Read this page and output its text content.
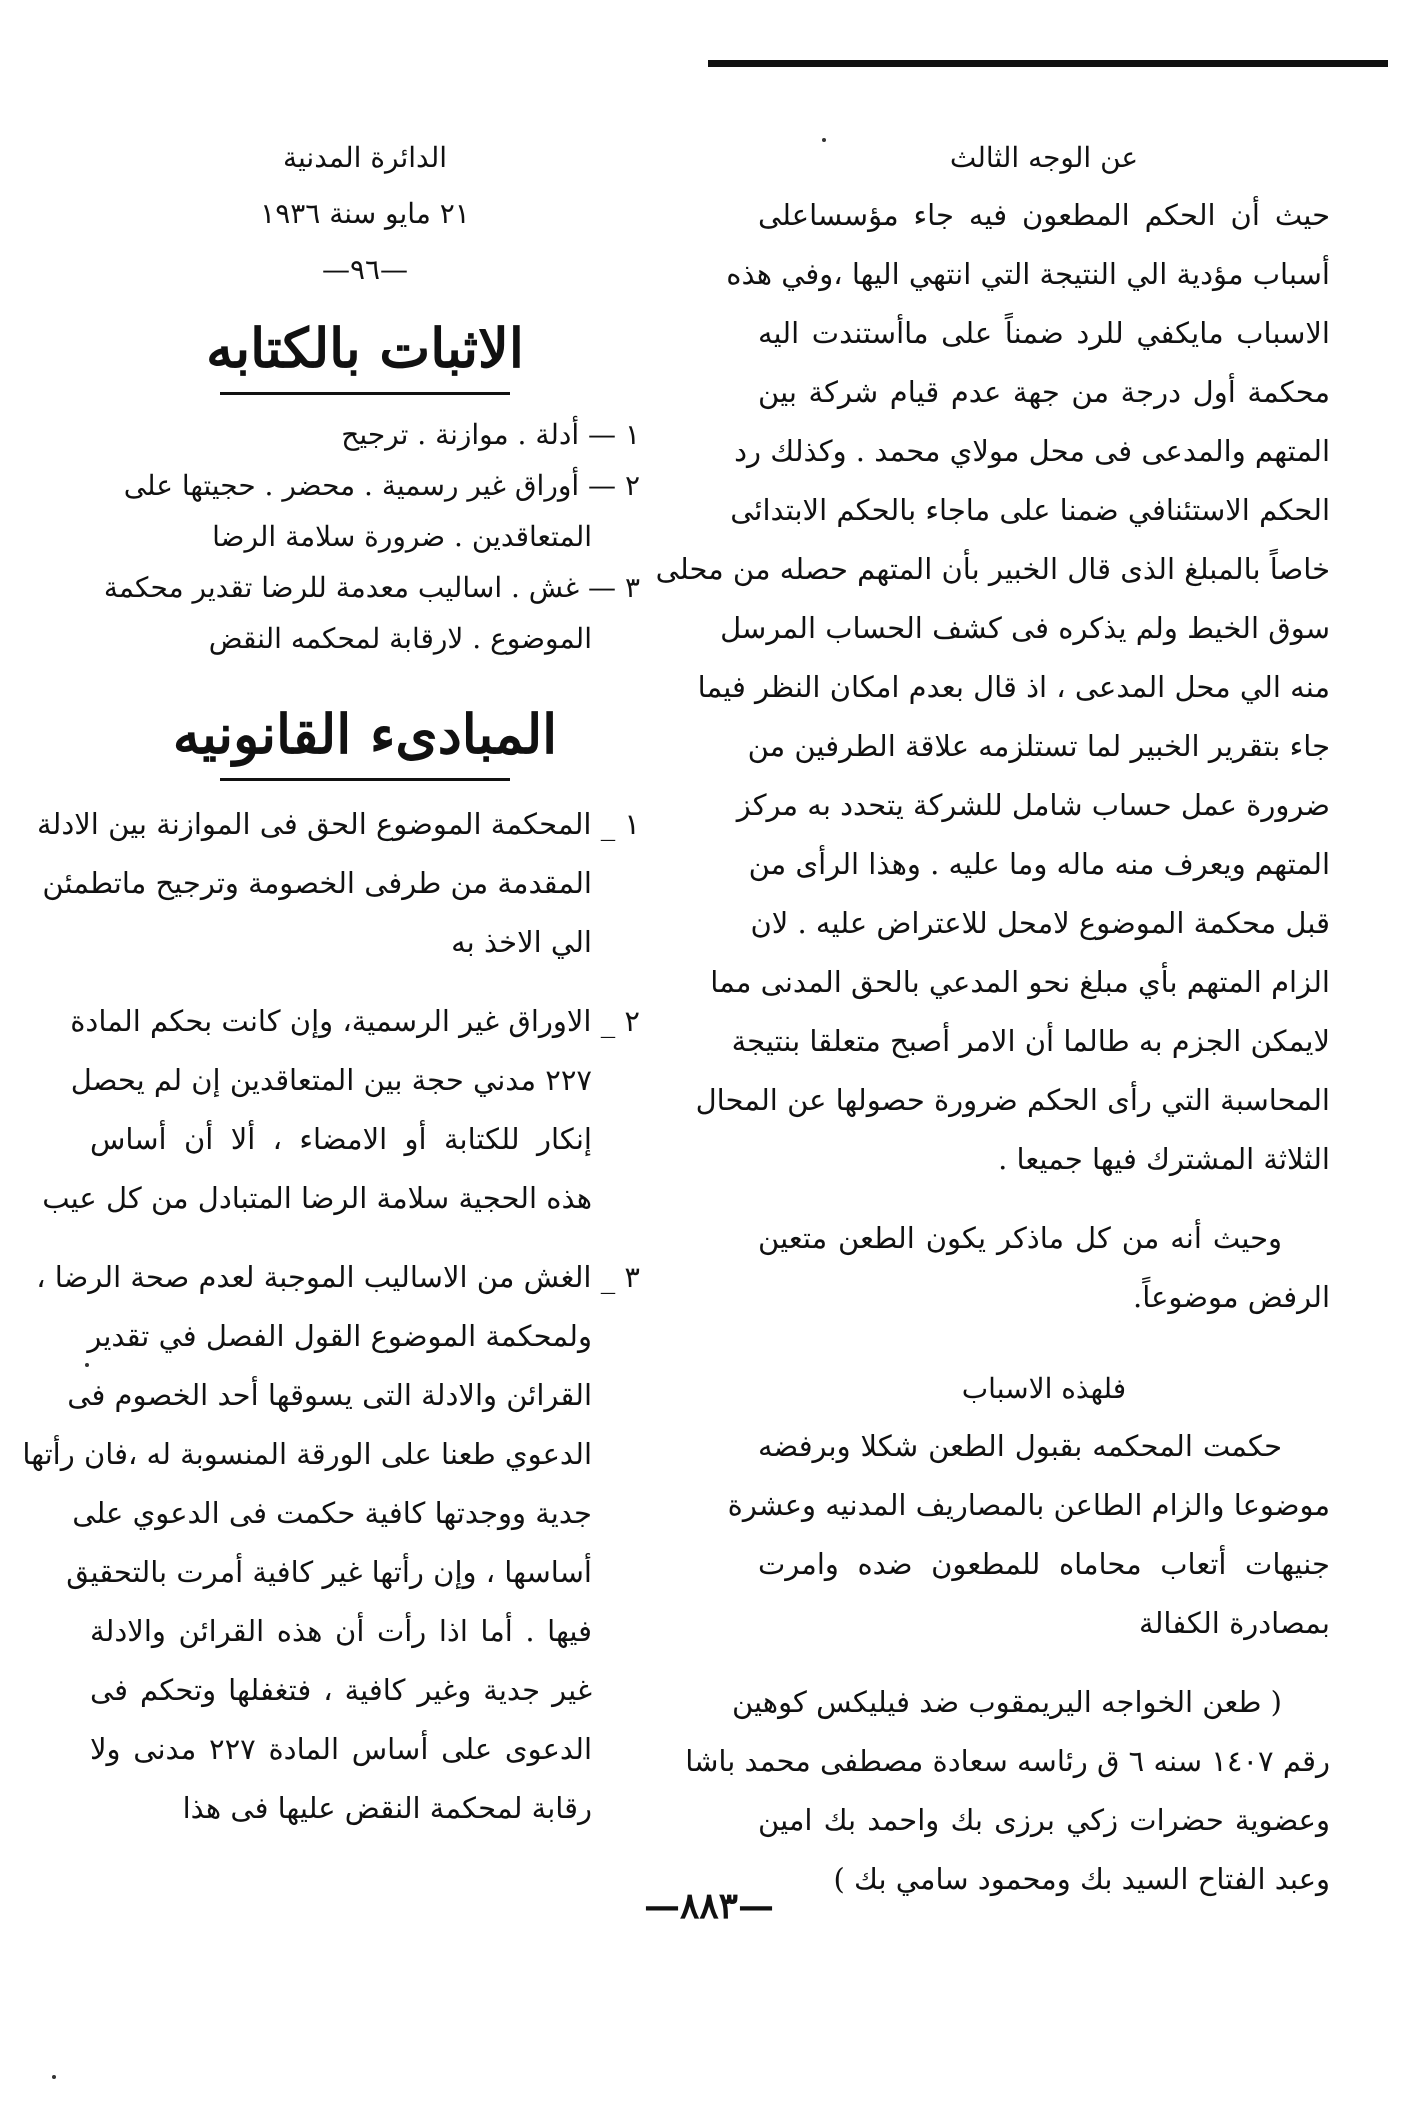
عن الوجه الثالث
حيث أن الحكم المطعون فيه جاء مؤسساعلى
أسباب مؤدية الي النتيجة التي انتهي اليها ،وفي هذه
الاسباب مايكفي للرد ضمناً على ماأستندت اليه
محكمة أول درجة من جهة عدم قيام شركة بين
المتهم والمدعى فى محل مولاي محمد . وكذلك رد
الحكم الاستئنافي ضمنا على ماجاء بالحكم الابتدائى
خاصاً بالمبلغ الذى قال الخبير بأن المتهم حصله من محلى
سوق الخيط ولم يذكره فى كشف الحساب المرسل
منه الي محل المدعى ، اذ قال بعدم امكان النظر فيما
جاء بتقرير الخبير لما تستلزمه علاقة الطرفين من
ضرورة عمل حساب شامل للشركة يتحدد به مركز
المتهم ويعرف منه ماله وما عليه . وهذا الرأى من
قبل محكمة الموضوع لامحل للاعتراض عليه . لان
الزام المتهم بأي مبلغ نحو المدعي بالحق المدنى مما
لايمكن الجزم به طالما أن الامر أصبح متعلقا بنتيجة
المحاسبة التي رأى الحكم ضرورة حصولها عن المحال
الثلاثة المشترك فيها جميعا .
وحيث أنه من كل ماذكر يكون الطعن متعين
الرفض موضوعاً.
فلهذه الاسباب
حكمت المحكمه بقبول الطعن شكلا وبرفضه
موضوعا والزام الطاعن بالمصاريف المدنيه وعشرة
جنيهات أتعاب محاماه للمطعون ضده وامرت
بمصادرة الكفالة
( طعن الخواجه اليريمقوب ضد فيليكس كوهين
رقم ١٤٠٧ سنه ٦ ق رئاسه سعادة مصطفى محمد باشا
وعضوية حضرات زكي برزى بك واحمد بك امين
وعبد الفتاح السيد بك ومحمود سامي بك )
الدائرة المدنية
٢١ مايو سنة ١٩٣٦
—٩٦—
الاثبات بالكتابه
١ — أدلة . موازنة . ترجيح
٢ — أوراق غير رسمية . محضر . حجيتها على
المتعاقدين . ضرورة سلامة الرضا
٣ — غش . اساليب معدمة للرضا تقدير محكمة
الموضوع . لارقابة لمحكمه النقض
المبادىء القانونيه
١ _ المحكمة الموضوع الحق فى الموازنة بين الادلة
المقدمة من طرفى الخصومة وترجيح ماتطمئن
الي الاخذ به
٢ _ الاوراق غير الرسمية، وإن كانت بحكم المادة
٢٢٧ مدني حجة بين المتعاقدين إن لم يحصل
إنكار للكتابة أو الامضاء ، ألا أن أساس
هذه الحجية سلامة الرضا المتبادل من كل عيب
٣ _ الغش من الاساليب الموجبة لعدم صحة الرضا ،
ولمحكمة الموضوع القول الفصل في تقدير
القرائن والادلة التى يسوقها أحد الخصوم فى
الدعوي طعنا على الورقة المنسوبة له ،فان رأتها
جدية ووجدتها كافية حكمت فى الدعوي على
أساسها ، وإن رأتها غير كافية أمرت بالتحقيق
فيها . أما اذا رأت أن هذه القرائن والادلة
غير جدية وغير كافية ، فتغفلها وتحكم فى
الدعوى على أساس المادة ٢٢٧ مدنى ولا
رقابة لمحكمة النقض عليها فى هذا
—٨٨٣—
